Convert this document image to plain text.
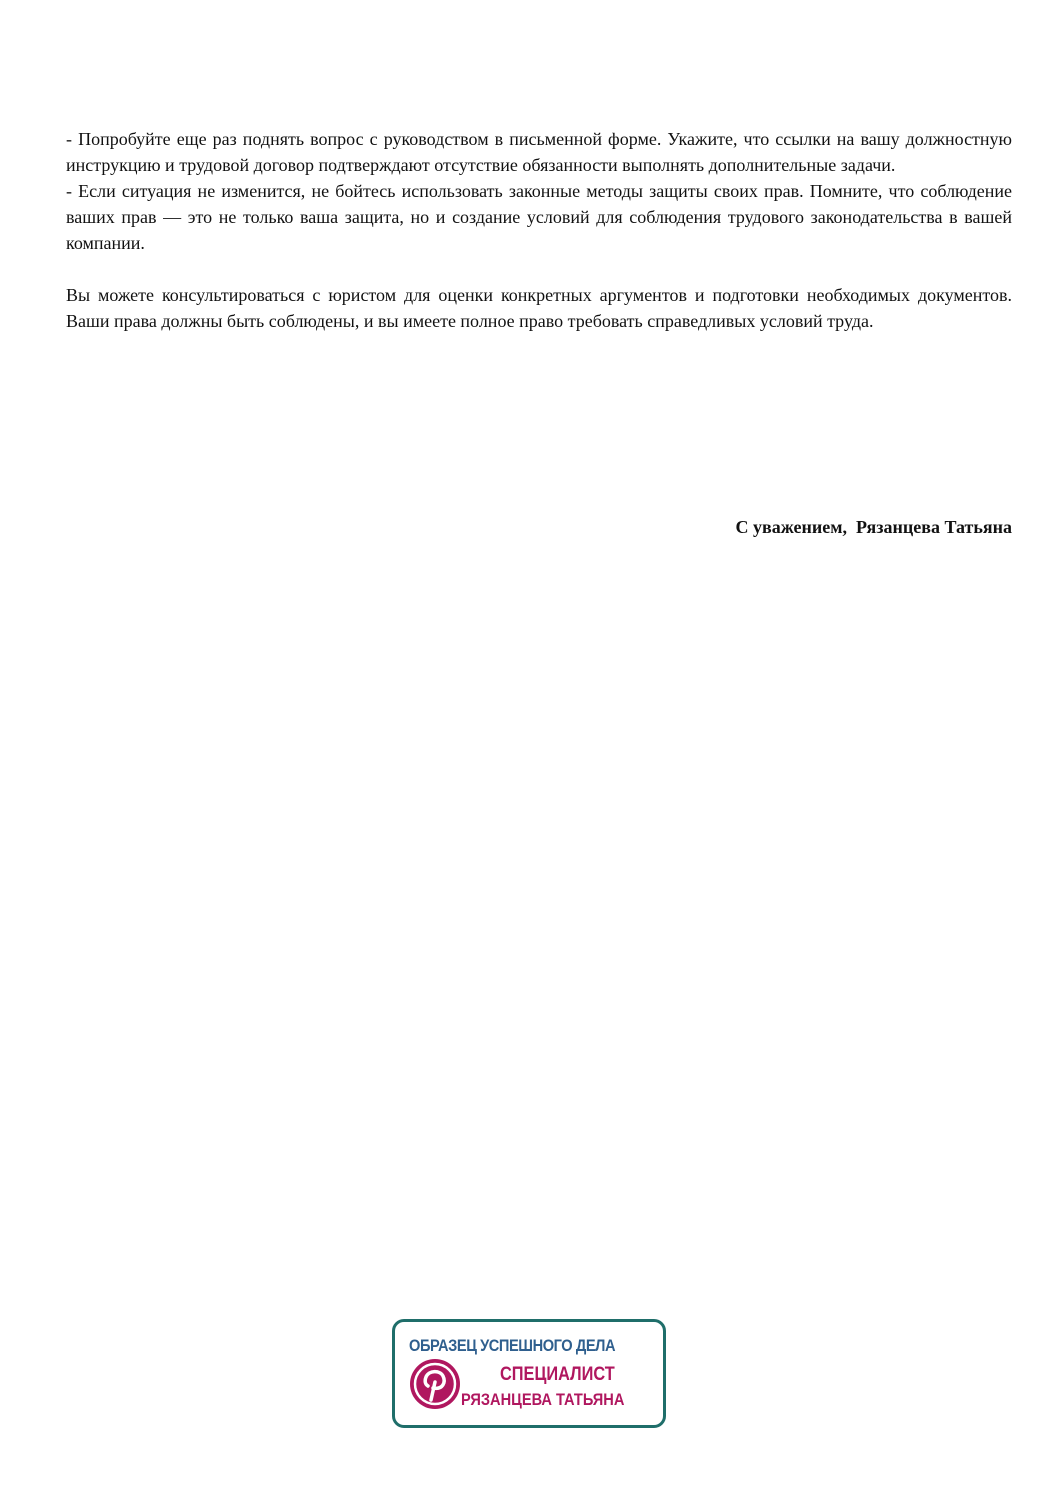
- Попробуйте еще раз поднять вопрос с руководством в письменной форме. Укажите, что ссылки на вашу должностную инструкцию и трудовой договор подтверждают отсутствие обязанности выполнять дополнительные задачи.

- Если ситуация не изменится, не бойтесь использовать законные методы защиты своих прав. Помните, что соблюдение ваших прав — это не только ваша защита, но и создание условий для соблюдения трудового законодательства в вашей компании.

Вы можете консультироваться с юристом для оценки конкретных аргументов и подготовки необходимых документов. Ваши права должны быть соблюдены, и вы имеете полное право требовать справедливых условий труда.

С уважением,  Рязанцева Татьяна
ОБРАЗЕЦ УСПЕШНОГО ДЕЛА
СПЕЦИАЛИСТ
РЯЗАНЦЕВА ТАТЬЯНА
